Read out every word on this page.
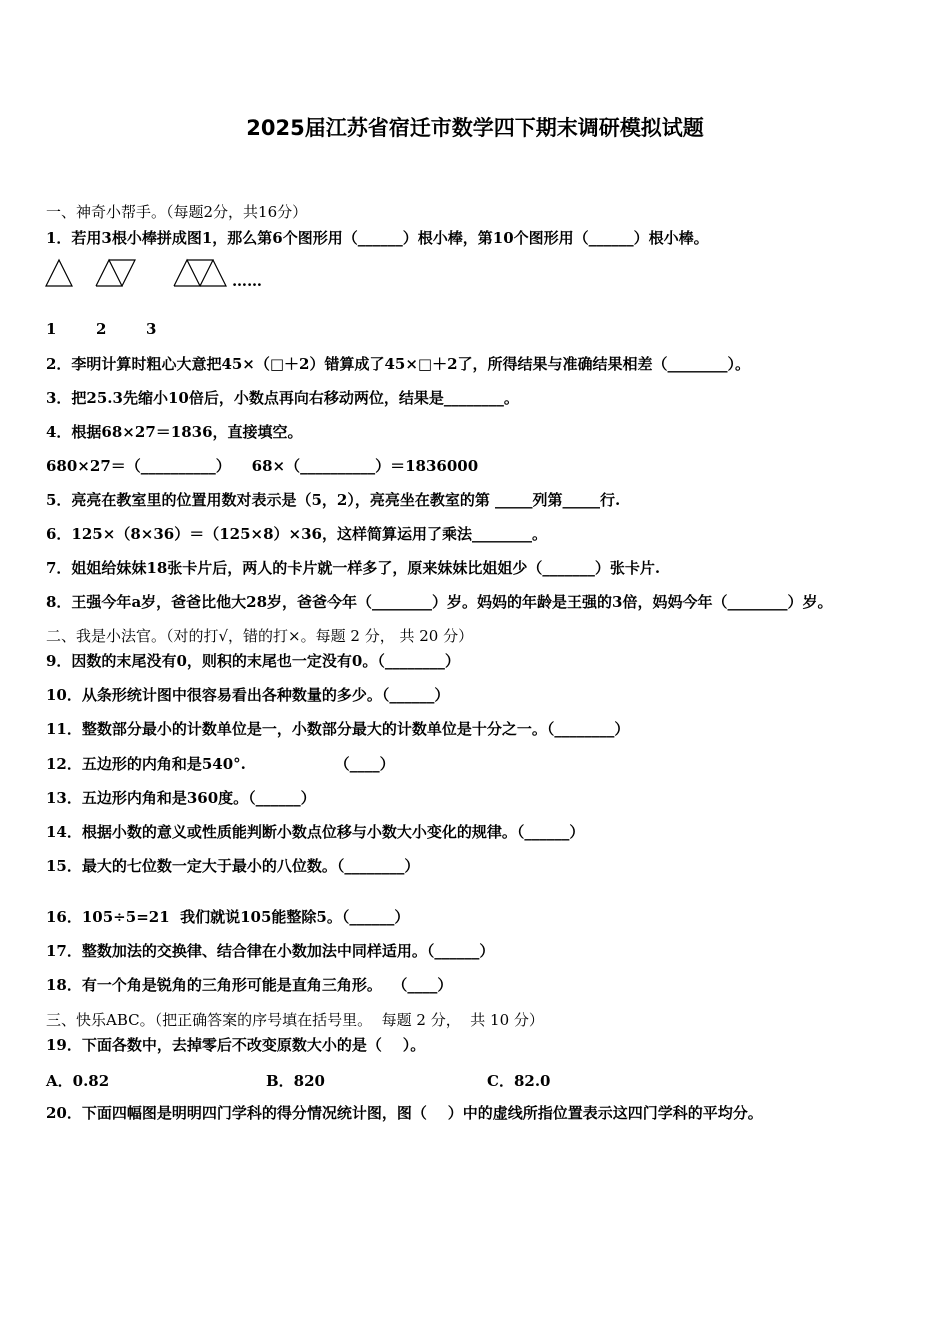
2025届江苏省宿迁市数学四下期末调研模拟试题
一、神奇小帮手。（每题2分，共16分）
1．若用3根小棒拼成图1，那么第6个图形用（______）根小棒，第10个图形用（______）根小棒。
……
1	2	3
2．李明计算时粗心大意把45×（□＋2）错算成了45×□＋2了，所得结果与准确结果相差（________）。
3．把25.3先缩小10倍后，小数点再向右移动两位，结果是________。
4．根据68×27＝1836，直接填空。
680×27＝（__________）    68×（__________）＝1836000
5．亮亮在教室里的位置用数对表示是（5，2），亮亮坐在教室的第 _____列第_____行.
6．125×（8×36）＝（125×8）×36，这样简算运用了乘法________。
7．姐姐给妹妹18张卡片后，两人的卡片就一样多了，原来妹妹比姐姐少（_______）张卡片.
8．王强今年a岁，爸爸比他大28岁，爸爸今年（________）岁。妈妈的年龄是王强的3倍，妈妈今年（________）岁。
二、我是小法官。（对的打√，错的打×。每题 2 分， 共 20 分）
9．因数的末尾没有0，则积的末尾也一定没有0。（________）
10．从条形统计图中很容易看出各种数量的多少。（______）
11．整数部分最小的计数单位是一，小数部分最大的计数单位是十分之一。（________）
12．五边形的内角和是540°.                 （____）
13．五边形内角和是360度。（______）
14．根据小数的意义或性质能判断小数点位移与小数大小变化的规律。（______）
15．最大的七位数一定大于最小的八位数。（________）
16．105÷5=21  我们就说105能整除5。（______）
17．整数加法的交换律、结合律在小数加法中同样适用。（______）
18．有一个角是锐角的三角形可能是直角三角形。  （____）
三、快乐ABC。（把正确答案的序号填在括号里。  每题 2 分，  共 10 分）
19．下面各数中，去掉零后不改变原数大小的是（    ）。
A．0.82	B．820	C．82.0
20．下面四幅图是明明四门学科的得分情况统计图，图（    ）中的虚线所指位置表示这四门学科的平均分。
